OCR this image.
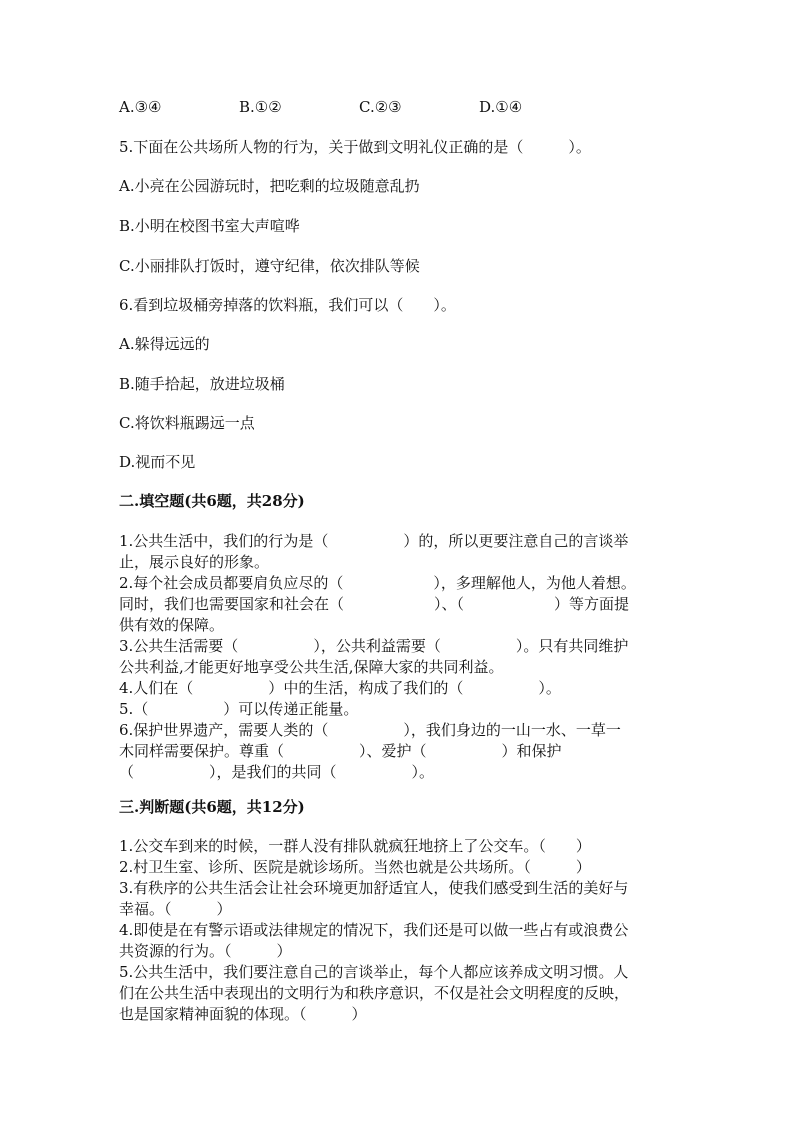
A.③④	B.①②	C.②③	D.①④
5.下面在公共场所人物的行为，关于做到文明礼仪正确的是（　　　）。
A.小亮在公园游玩时，把吃剩的垃圾随意乱扔
B.小明在校图书室大声喧哗
C.小丽排队打饭时，遵守纪律，依次排队等候
6.看到垃圾桶旁掉落的饮料瓶，我们可以（　　）。
A.躲得远远的
B.随手拾起，放进垃圾桶
C.将饮料瓶踢远一点
D.视而不见
二.填空题(共6题，共28分)
1.公共生活中，我们的行为是（　　　　　）的，所以更要注意自己的言谈举
止，展示良好的形象。
2.每个社会成员都要肩负应尽的（　　　　　　），多理解他人，为他人着想。
同时，我们也需要国家和社会在（　　　　　　）、（　　　　　　）等方面提
供有效的保障。
3.公共生活需要（　　　　　），公共利益需要（　　　　　）。只有共同维护
公共利益,才能更好地享受公共生活,保障大家的共同利益。
4.人们在（　　　　　）中的生活，构成了我们的（　　　　　）。
5.（　　　　　）可以传递正能量。
6.保护世界遗产，需要人类的（　　　　　），我们身边的一山一水、一草一
木同样需要保护。尊重（　　　　　）、爱护（　　　　　）和保护
（　　　　　），是我们的共同（　　　　　）。
三.判断题(共6题，共12分)
1.公交车到来的时候，一群人没有排队就疯狂地挤上了公交车。（　　）
2.村卫生室、诊所、医院是就诊场所。当然也就是公共场所。（　　　）
3.有秩序的公共生活会让社会环境更加舒适宜人，使我们感受到生活的美好与
幸福。（　　　）
4.即使是在有警示语或法律规定的情况下，我们还是可以做一些占有或浪费公
共资源的行为。（　　　）
5.公共生活中，我们要注意自己的言谈举止，每个人都应该养成文明习惯。人
们在公共生活中表现出的文明行为和秩序意识，不仅是社会文明程度的反映，
也是国家精神面貌的体现。（　　　）
